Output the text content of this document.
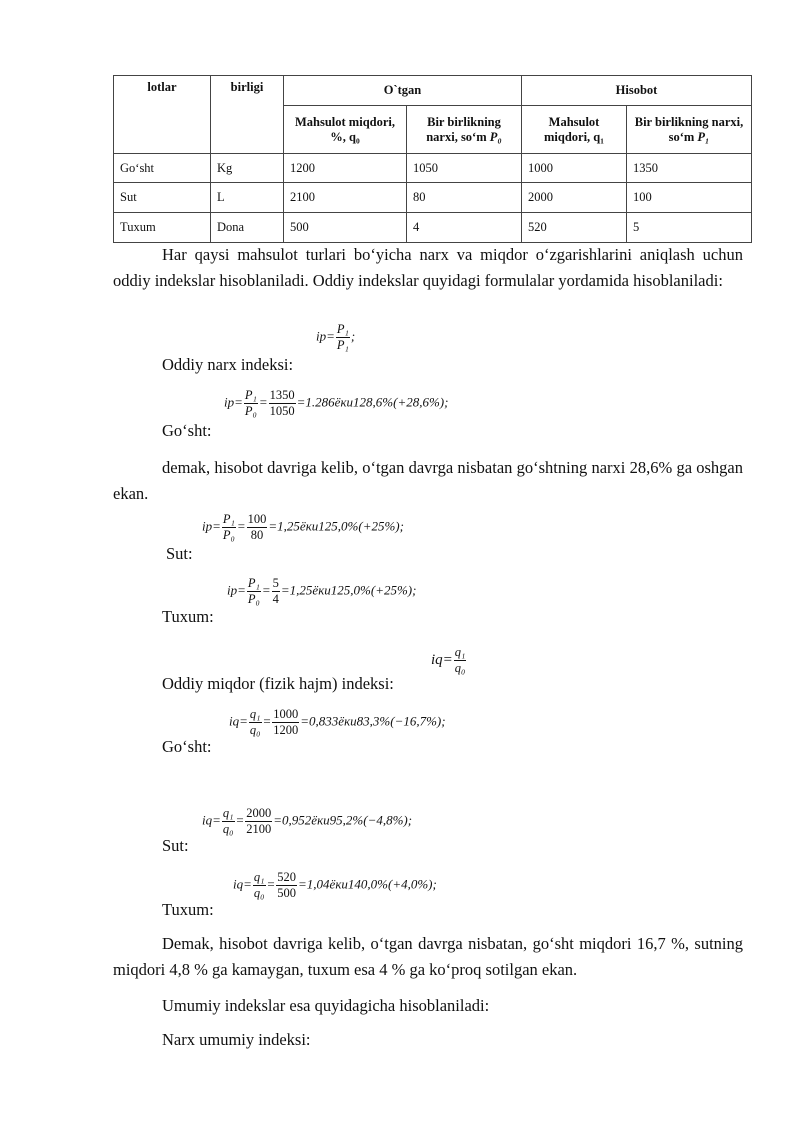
lotlar	birligi	O`tgan		Hisobot	
		Mahsulot miqdori, %, q₀	Bir birlikning narxi, so‘m P₀	Mahsulot miqdori, q₁	Bir birlikning narxi, so‘m P₁
Go‘sht	Kg	1200	1050	1000	1350
Sut	L	2100	80	2000	100
Tuxum	Dona	500	4	520	5
Har qaysi mahsulot turlari bo‘yicha narx va miqdor o‘zgarishlarini aniqlash uchun oddiy indekslar hisoblaniladi. Oddiy indekslar quyidagi formulalar yordamida hisoblaniladi:
$ip= \frac{\text{P₁}}{\text{P₁}}$ ;
Oddiy narx indeksi:
$ip= \frac{\text{P₁}}{\text{P₀}} = \frac{1350}{1050} =1.286ёки128,6\%(+28,6\%)$;
Go‘sht:
demak, hisobot davriga kelib, o‘tgan davrga nisbatan go‘shtning narxi 28,6% ga oshgan ekan.
$ip= \frac{\text{P₁}}{\text{P₀}} = \frac{100}{80} =1,25ёки125,0\%(+25\%)$;
Sut:
$ip= \frac{\text{P₁}}{\text{P₀}} = \frac{5}{4} =1,25ёки125,0\%(+25\%)$;
Tuxum:
$iq= \frac{\text{q₁}}{\text{q₀}}$
Oddiy miqdor (fizik hajm) indeksi:
$iq= \frac{\text{q₁}}{\text{q₀}} = \frac{1000}{1200} =0,833ёки83,3\%(-16,7\%)$;
Go‘sht:
$iq= \frac{\text{q₁}}{\text{q₀}} = \frac{2000}{2100} =0,952ёки95,2\%(-4,8\%)$;
Sut:
$iq= \frac{\text{q₁}}{\text{q₀}} = \frac{520}{500} =1,04ёки140,0\%(+4,0\%)$;
Tuxum:
Demak, hisobot davriga kelib, o‘tgan davrga nisbatan, go‘sht miqdori 16,7 %, sutning miqdori 4,8 % ga kamaygan, tuxum esa 4 % ga ko‘proq sotilgan ekan.
Umumiy indekslar esa quyidagicha hisoblaniladi:
Narx umumiy indeksi:
